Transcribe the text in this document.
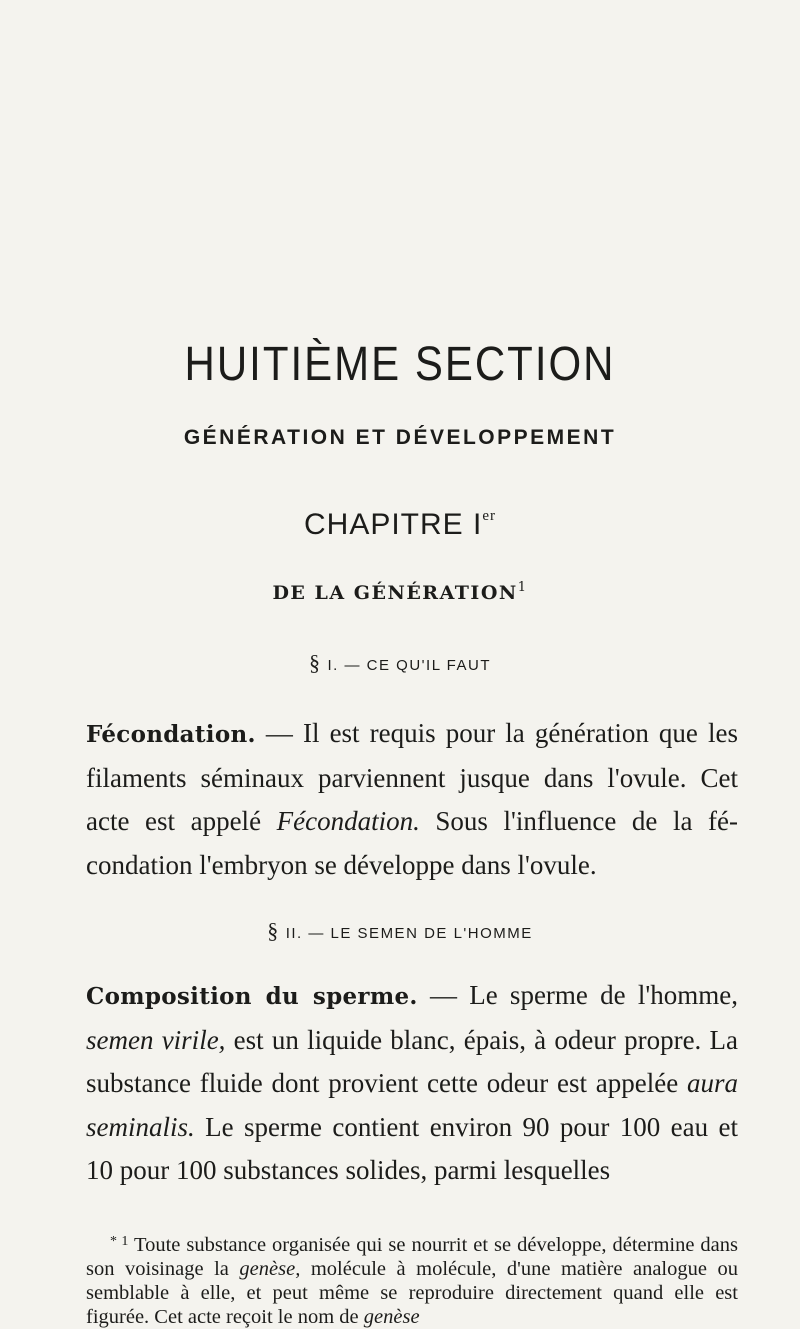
HUITIÈME SECTION
GÉNÉRATION ET DÉVELOPPEMENT
CHAPITRE Ier
DE LA GÉNÉRATION$^1$
§ I. — CE QU'IL FAUT
Fécondation. — Il est requis pour la génération que les filaments séminaux parviennent jusque dans l'ovule. Cet acte est appelé Fécondation. Sous l'influence de la fécondation l'embryon se développe dans l'ovule.
§ II. — LE SEMEN DE L'HOMME
Composition du sperme. — Le sperme de l'homme, semen virile, est un liquide blanc, épais, à odeur propre. La substance fluide dont provient cette odeur est appelée aura seminalis. Le sperme contient environ 90 pour 100 eau et 10 pour 100 substances solides, parmi lesquelles
$^{* 1}$ Toute substance organisée qui se nourrit et se développe, détermine dans son voisinage la genèse, molécule à molécule, d'une matière analogue ou semblable à elle, et peut même se reproduire directement quand elle est figurée. Cet acte reçoit le nom de genèse
